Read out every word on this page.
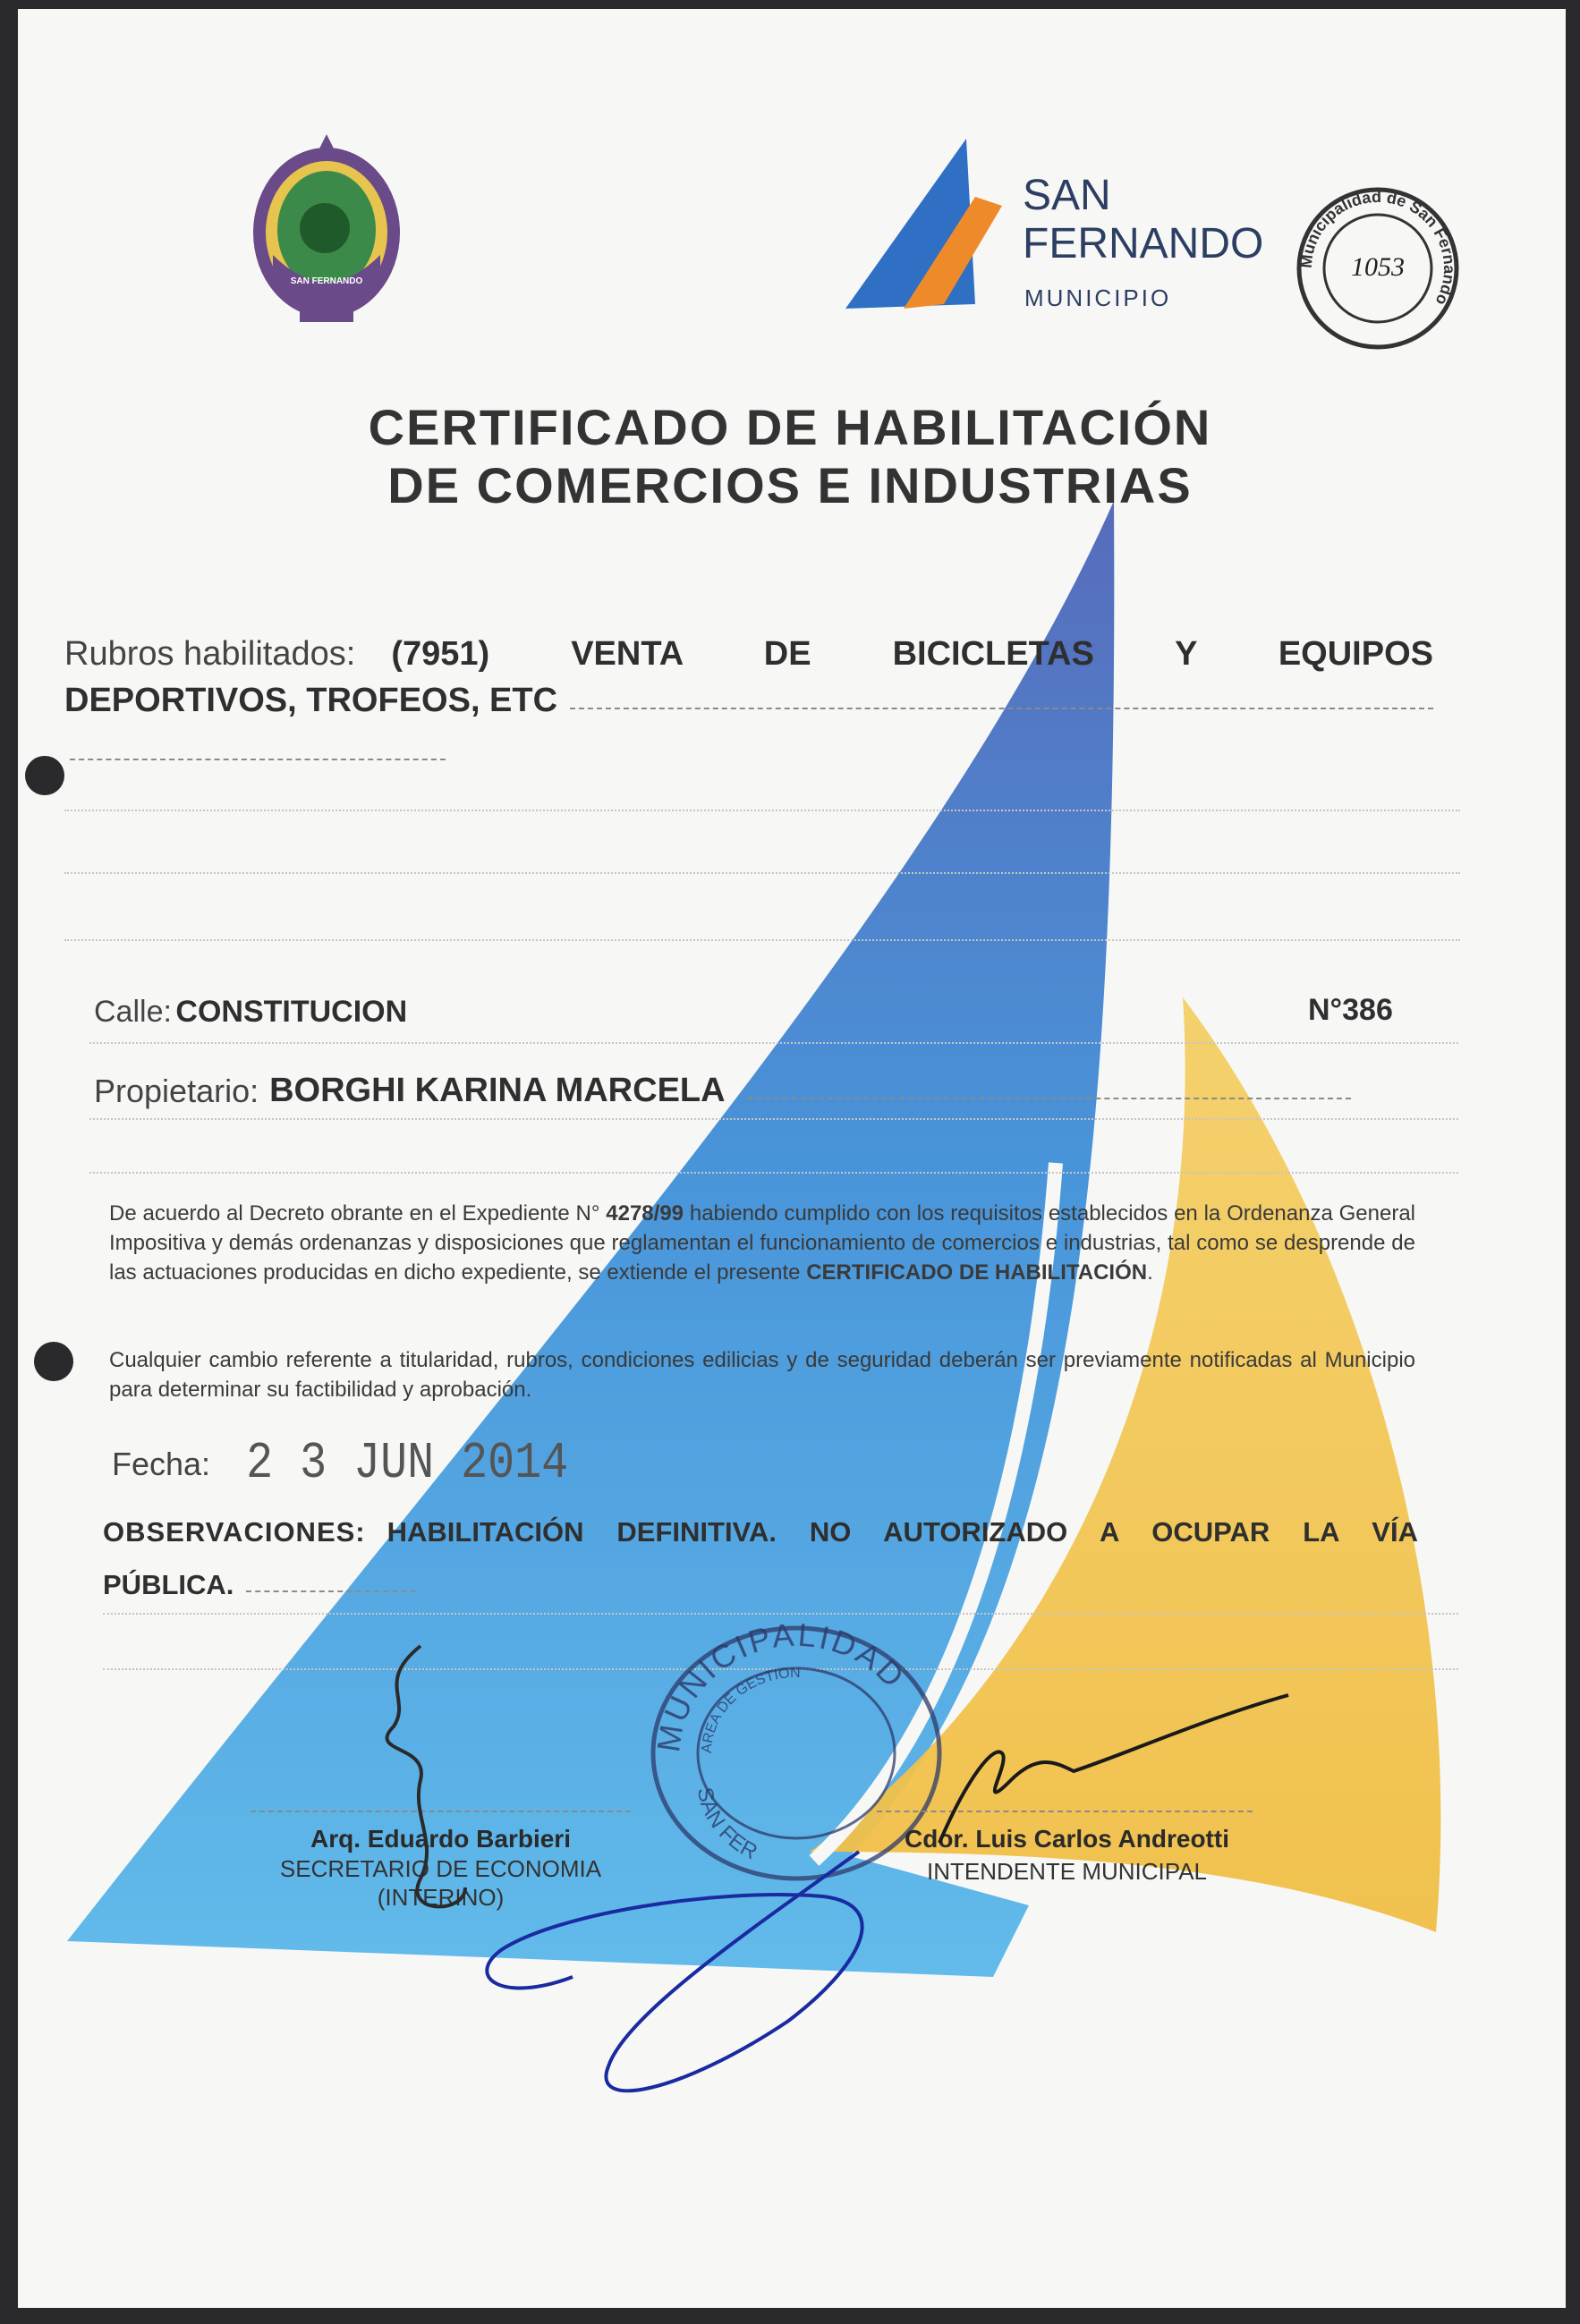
SAN FERNANDO
SAN
FERNANDO
MUNICIPIO
Municipalidad de San Fernando
1053
CERTIFICADO DE HABILITACIÓN
DE COMERCIOS E INDUSTRIAS
Rubros habilitados: (7951) VENTA DE BICICLETAS Y EQUIPOS
DEPORTIVOS, TROFEOS, ETC
Calle: CONSTITUCION	N°386
Propietario: BORGHI KARINA MARCELA
De acuerdo al Decreto obrante en el Expediente N° 4278/99 habiendo cumplido con los requisitos establecidos en la Ordenanza General Impositiva y demás ordenanzas y disposiciones que reglamentan el funcionamiento de comercios e industrias, tal como se desprende de las actuaciones producidas en dicho expediente, se extiende el presente CERTIFICADO DE HABILITACIÓN.
Cualquier cambio referente a titularidad, rubros, condiciones edilicias y de seguridad deberán ser previamente notificadas al Municipio para determinar su factibilidad y aprobación.
Fecha: 2 3 JUN 2014
OBSERVACIONES: HABILITACIÓN DEFINITIVA. NO AUTORIZADO A OCUPAR LA VÍA
PÚBLICA.
MUNICIPALIDAD
AREA DE GESTION
SAN FER
Arq. Eduardo Barbieri
SECRETARIO DE ECONOMIA
(INTERINO)
Cdor. Luis Carlos Andreotti
INTENDENTE MUNICIPAL
